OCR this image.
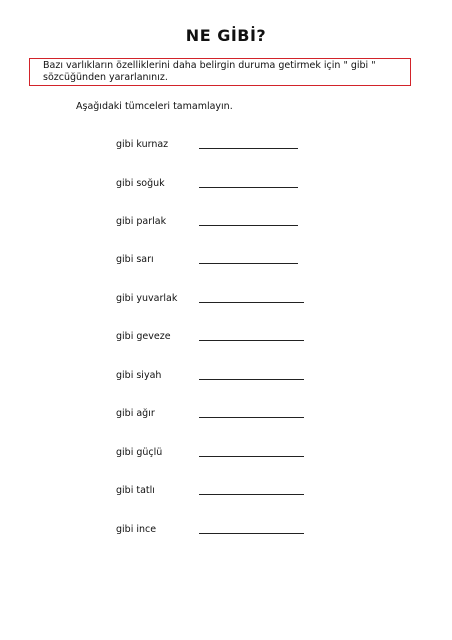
NE GİBİ?
Bazı varlıkların özelliklerini daha belirgin duruma getirmek için " gibi "
sözcüğünden yararlanınız.
Aşağıdaki tümceleri tamamlayın.
gibi kurnaz
gibi soğuk
gibi parlak
gibi sarı
gibi yuvarlak
gibi geveze
gibi siyah
gibi ağır
gibi güçlü
gibi tatlı
gibi ince
